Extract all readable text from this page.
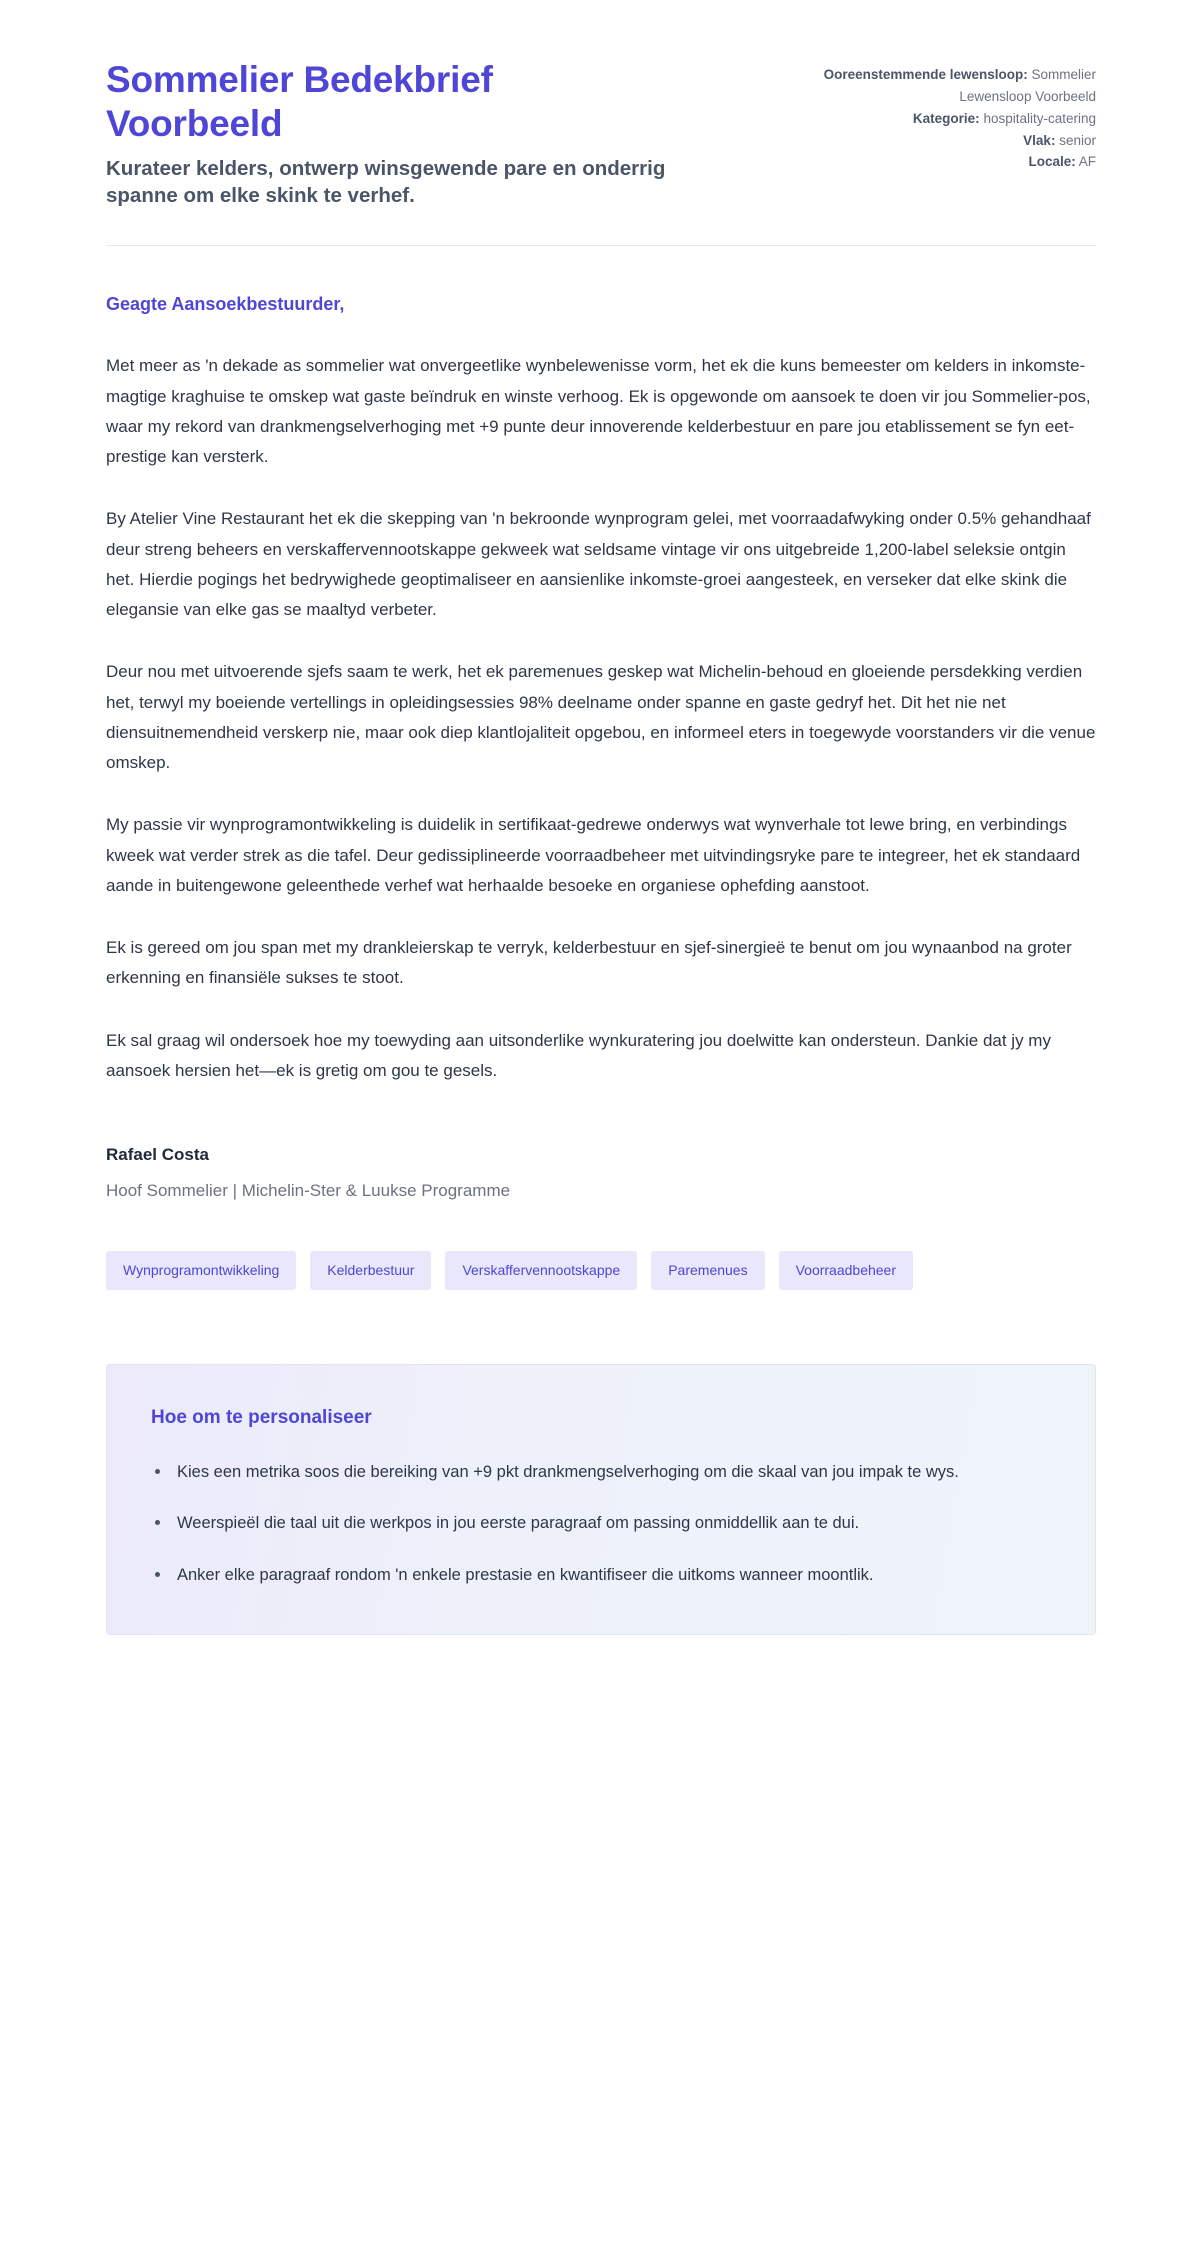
Sommelier Bedekbrief Voorbeeld
Kurateer kelders, ontwerp winsgewende pare en onderrig spanne om elke skink te verhef.
Ooreenstemmende lewensloop: Sommelier Lewensloop Voorbeeld
Kategorie: hospitality-catering
Vlak: senior
Locale: AF

Geagte Aansoekbestuurder,

Met meer as 'n dekade as sommelier wat onvergeetlike wynbelewenisse vorm, het ek die kuns bemeester om kelders in inkomste-magtige kraghuise te omskep wat gaste beïndruk en winste verhoog. Ek is opgewonde om aansoek te doen vir jou Sommelier-pos, waar my rekord van drankmengselverhoging met +9 punte deur innoverende kelderbestuur en pare jou etablissement se fyn eet-prestige kan versterk.

By Atelier Vine Restaurant het ek die skepping van 'n bekroonde wynprogram gelei, met voorraadafwyking onder 0.5% gehandhaaf deur streng beheers en verskaffervennootskappe gekweek wat seldsame vintage vir ons uitgebreide 1,200-label seleksie ontgin het. Hierdie pogings het bedrywighede geoptimaliseer en aansienlike inkomste-groei aangesteek, en verseker dat elke skink die elegansie van elke gas se maaltyd verbeter.

Deur nou met uitvoerende sjefs saam te werk, het ek paremenues geskep wat Michelin-behoud en gloeiende persdekking verdien het, terwyl my boeiende vertellings in opleidingsessies 98% deelname onder spanne en gaste gedryf het. Dit het nie net diensuitnemendheid verskerp nie, maar ook diep klantlojaliteit opgebou, en informeel eters in toegewyde voorstanders vir die venue omskep.

My passie vir wynprogramontwikkeling is duidelik in sertifikaat-gedrewe onderwys wat wynverhale tot lewe bring, en verbindings kweek wat verder strek as die tafel. Deur gedissiplineerde voorraadbeheer met uitvindingsryke pare te integreer, het ek standaard aande in buitengewone geleenthede verhef wat herhaalde besoeke en organiese ophefding aanstoot.

Ek is gereed om jou span met my drankleierskap te verryk, kelderbestuur en sjef-sinergieë te benut om jou wynaanbod na groter erkenning en finansiële sukses te stoot.

Ek sal graag wil ondersoek hoe my toewyding aan uitsonderlike wynkuratering jou doelwitte kan ondersteun. Dankie dat jy my aansoek hersien het—ek is gretig om gou te gesels.

Rafael Costa

Hoof Sommelier | Michelin-Ster & Luukse Programme

Wynprogramontwikkeling	Kelderbestuur	Verskaffervennootskappe	Paremenues	Voorraadbeheer
Hoe om te personaliseer
Kies een metrika soos die bereiking van +9 pkt drankmengselverhoging om die skaal van jou impak te wys.
Weerspieël die taal uit die werkpos in jou eerste paragraaf om passing onmiddellik aan te dui.
Anker elke paragraaf rondom 'n enkele prestasie en kwantifiseer die uitkoms wanneer moontlik.
